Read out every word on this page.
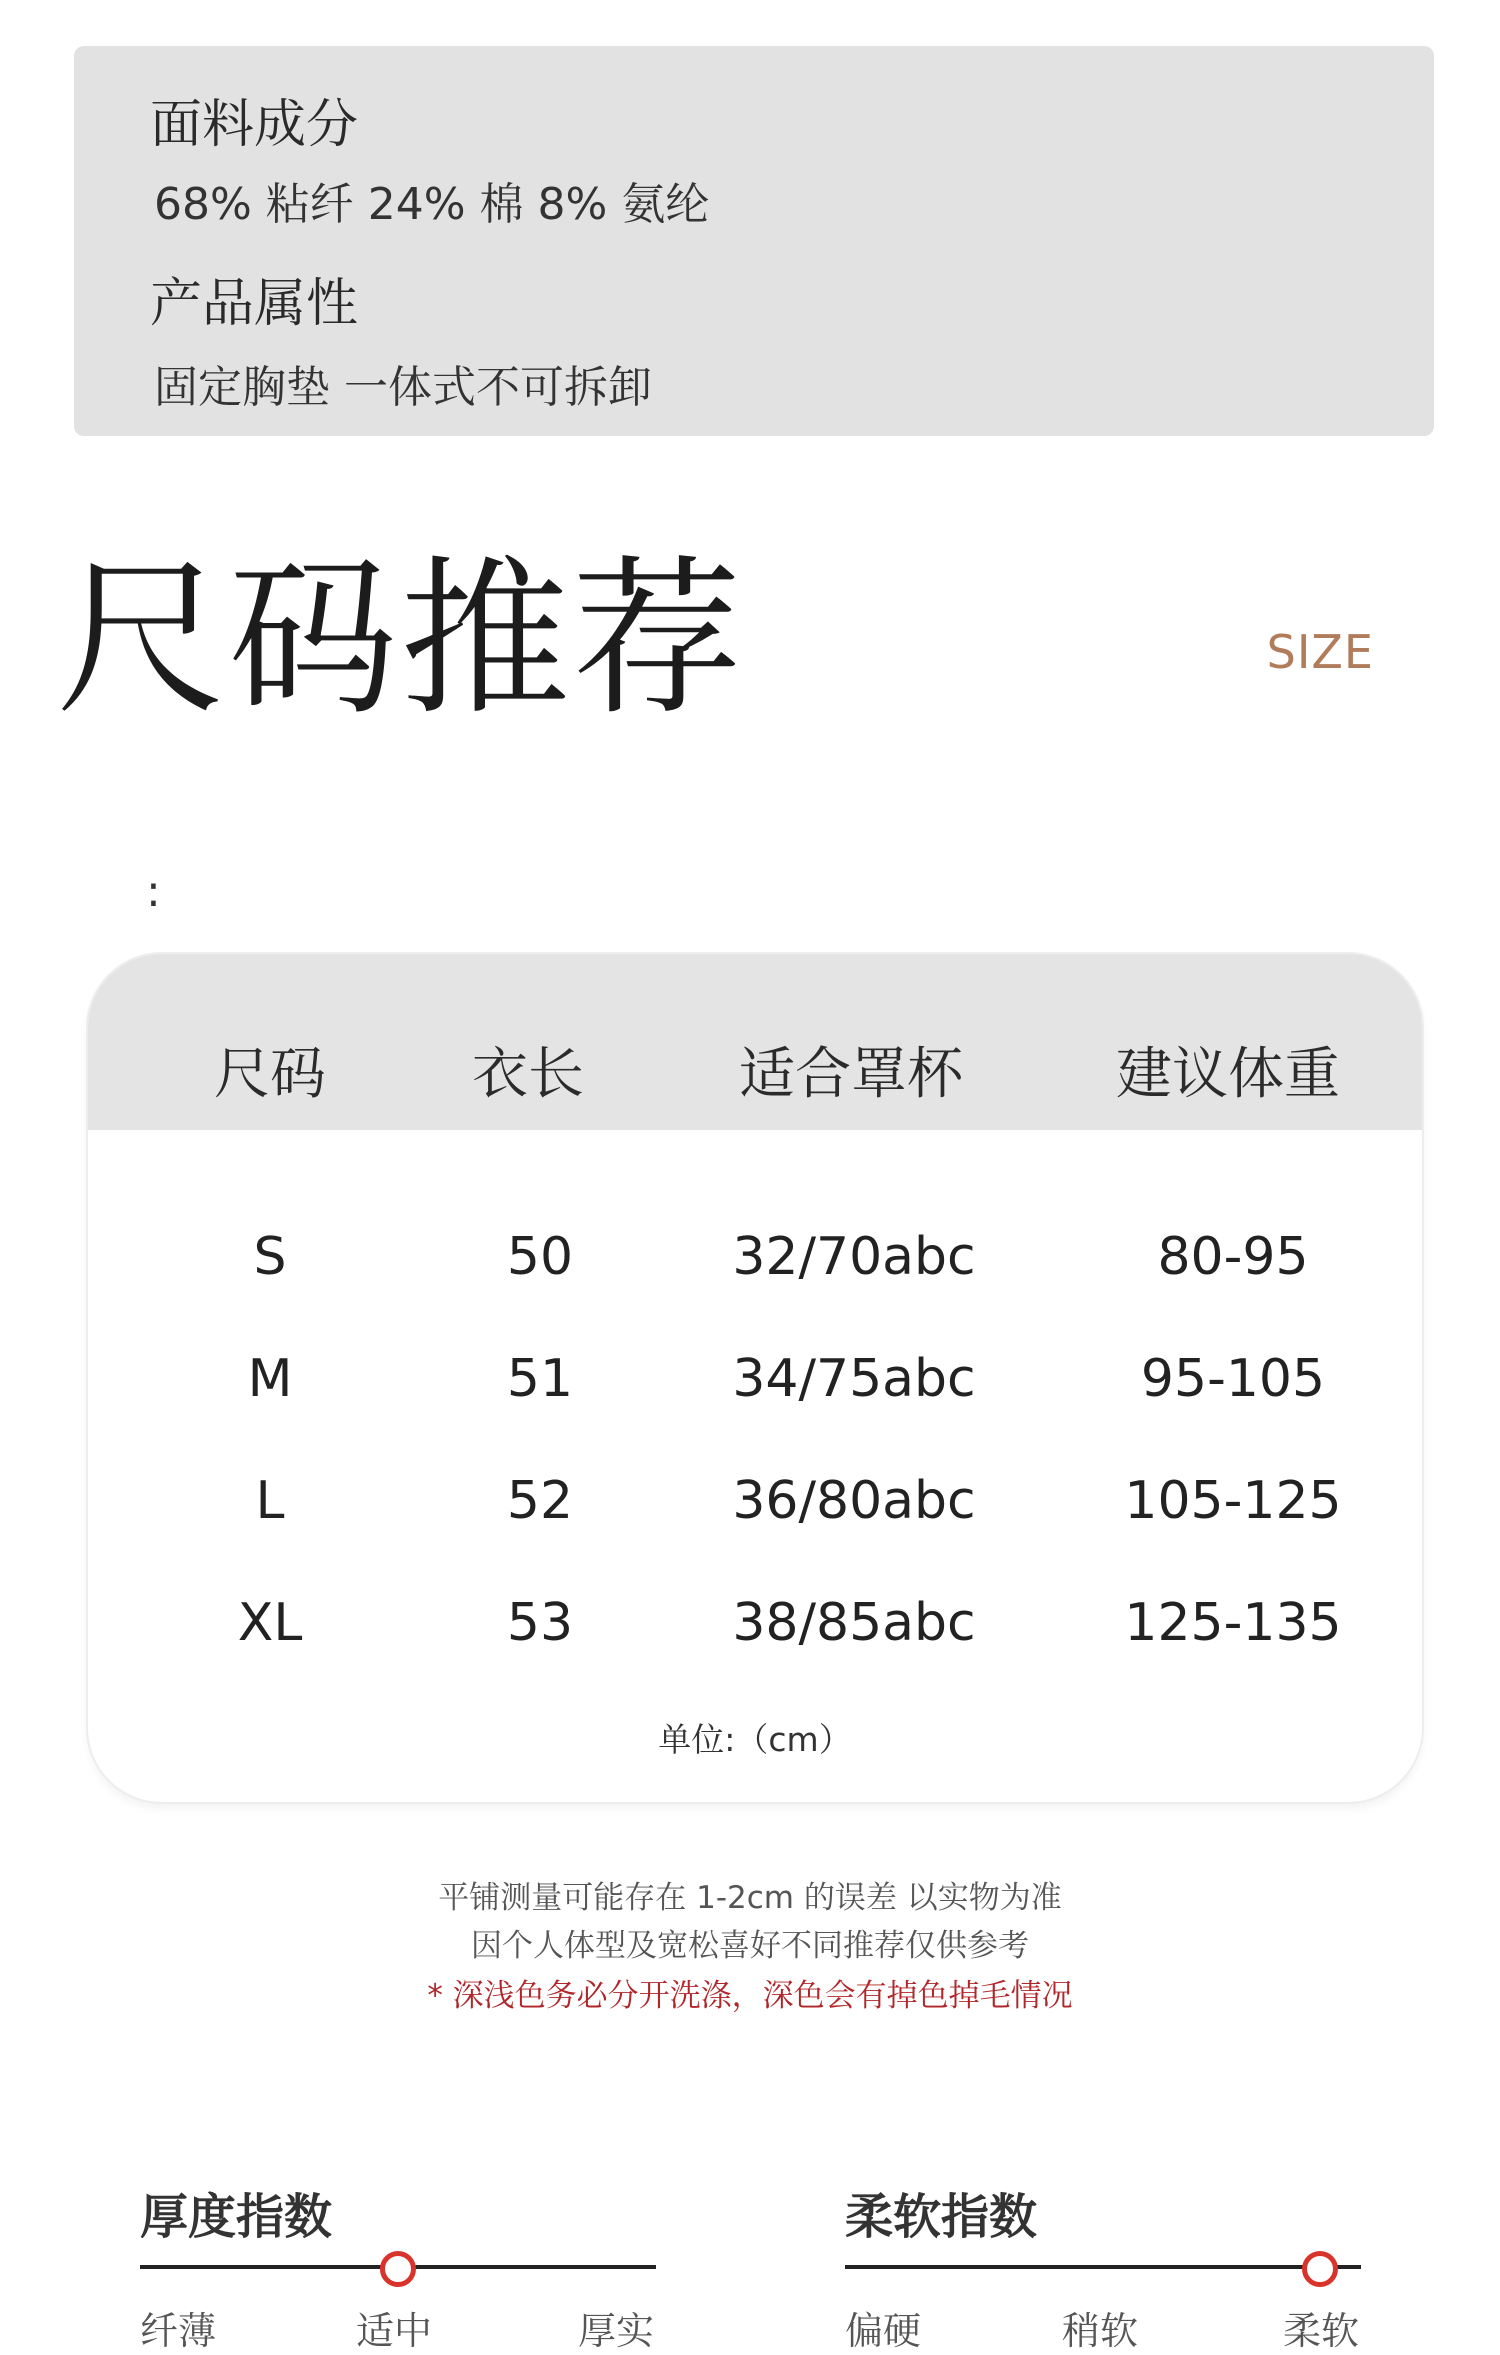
面料成分
68% 粘纤 24% 棉 8% 氨纶
产品属性
固定胸垫 一体式不可拆卸
尺码推荐	SIZE
:
尺码	衣长	适合罩杯	建议体重
S	50	32/70abc	80-95
M	51	34/75abc	95-105
L	52	36/80abc	105-125
XL	53	38/85abc	125-135
单位:（cm）
平铺测量可能存在 1-2cm 的误差 以实物为准
因个人体型及宽松喜好不同推荐仅供参考
* 深浅色务必分开洗涤，深色会有掉色掉毛情况
厚度指数
纤薄	适中	厚实
柔软指数
偏硬	稍软	柔软
